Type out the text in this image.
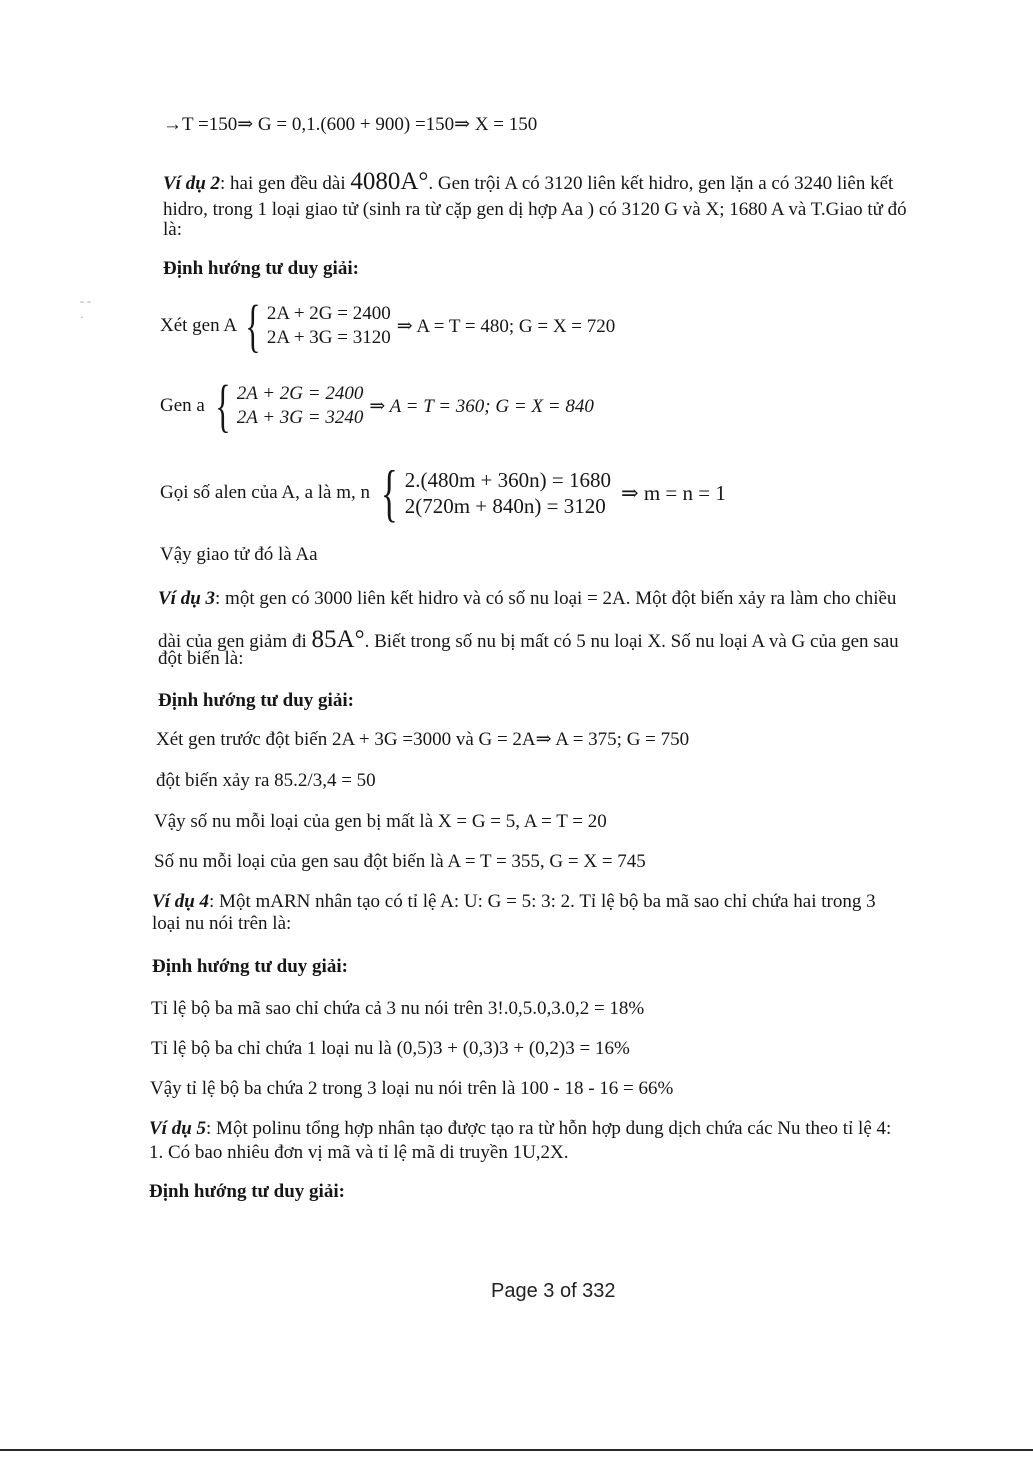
→T =150⇒ G = 0,1.(600 + 900) =150⇒ X = 150
Ví dụ 2: hai gen đều dài 4080A°. Gen trội A có 3120 liên kết hidro, gen lặn a có 3240 liên kết
hidro, trong 1 loại giao tử (sinh ra từ cặp gen dị hợp Aa ) có 3120 G và X; 1680 A và T.Giao tử đó
là:
Định hướng tư duy giải:
Xét gen A { 2A + 2G = 2400
2A + 3G = 3120
⇒ A = T = 480; G = X = 720
Gen a { 2A + 2G = 2400
2A + 3G = 3240
⇒ A = T = 360; G = X = 840
Gọi số alen của A, a là m, n { 2.(480m + 360n) = 1680
2(720m + 840n) = 3120
⇒ m = n = 1
Vậy giao tử đó là Aa
Ví dụ 3: một gen có 3000 liên kết hidro và có số nu loại = 2A. Một đột biến xảy ra làm cho chiều
dài của gen giảm đi 85A°. Biết trong số nu bị mất có 5 nu loại X. Số nu loại A và G của gen sau
đột biến là:
Định hướng tư duy giải:
Xét gen trước đột biến 2A + 3G =3000 và G = 2A⇒ A = 375; G = 750
đột biến xảy ra 85.2/3,4 = 50
Vậy số nu mỗi loại của gen bị mất là X = G = 5, A = T = 20
Số nu mỗi loại của gen sau đột biến là A = T = 355, G = X = 745
Ví dụ 4: Một mARN nhân tạo có tỉ lệ A: U: G = 5: 3: 2. Tỉ lệ bộ ba mã sao chỉ chứa hai trong 3
loại nu nói trên là:
Định hướng tư duy giải:
Tỉ lệ bộ ba mã sao chỉ chứa cả 3 nu nói trên 3!.0,5.0,3.0,2 = 18%
Tỉ lệ bộ ba chỉ chứa 1 loại nu là (0,5)3 + (0,3)3 + (0,2)3 = 16%
Vậy tỉ lệ bộ ba chứa 2 trong 3 loại nu nói trên là 100 - 18 - 16 = 66%
Ví dụ 5: Một polinu tổng hợp nhân tạo được tạo ra từ hỗn hợp dung dịch chứa các Nu theo tỉ lệ 4:
1. Có bao nhiêu đơn vị mã và tỉ lệ mã di truyền 1U,2X.
Định hướng tư duy giải:
Page 3 of 332
- -
·
